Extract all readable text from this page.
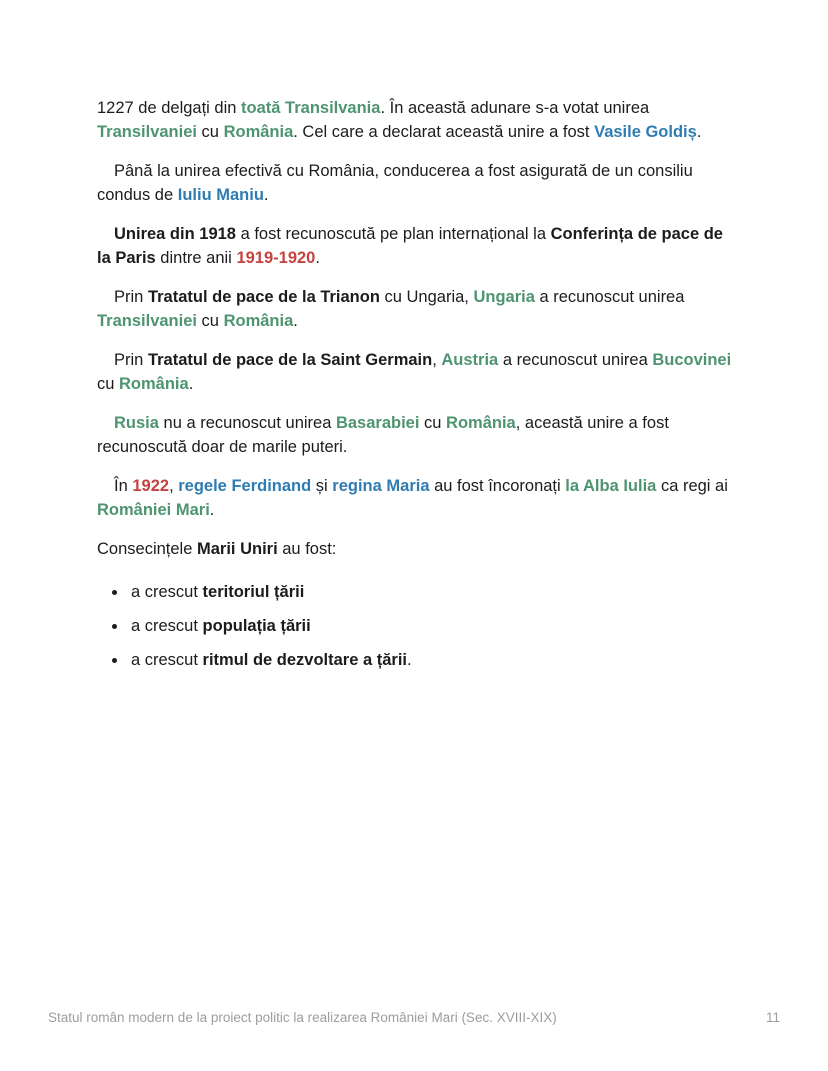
1227 de delgați din toată Transilvania. În această adunare s-a votat unirea Transilvaniei cu România. Cel care a declarat această unire a fost Vasile Goldiș.

Până la unirea efectivă cu România, conducerea a fost asigurată de un consiliu condus de Iuliu Maniu.

Unirea din 1918 a fost recunoscută pe plan internațional la Conferința de pace de la Paris dintre anii 1919-1920.

Prin Tratatul de pace de la Trianon cu Ungaria, Ungaria a recunoscut unirea Transilvaniei cu România.

Prin Tratatul de pace de la Saint Germain, Austria a recunoscut unirea Bucovinei cu România.

Rusia nu a recunoscut unirea Basarabiei cu România, această unire a fost recunoscută doar de marile puteri.

În 1922, regele Ferdinand și regina Maria au fost încoronați la Alba Iulia ca regi ai României Mari.

Consecințele Marii Uniri au fost:

• a crescut teritoriul țării
• a crescut populația țării
• a crescut ritmul de dezvoltare a țării.
Statul român modern de la proiect politic la realizarea României Mari (Sec. XVIII-XIX)	11
